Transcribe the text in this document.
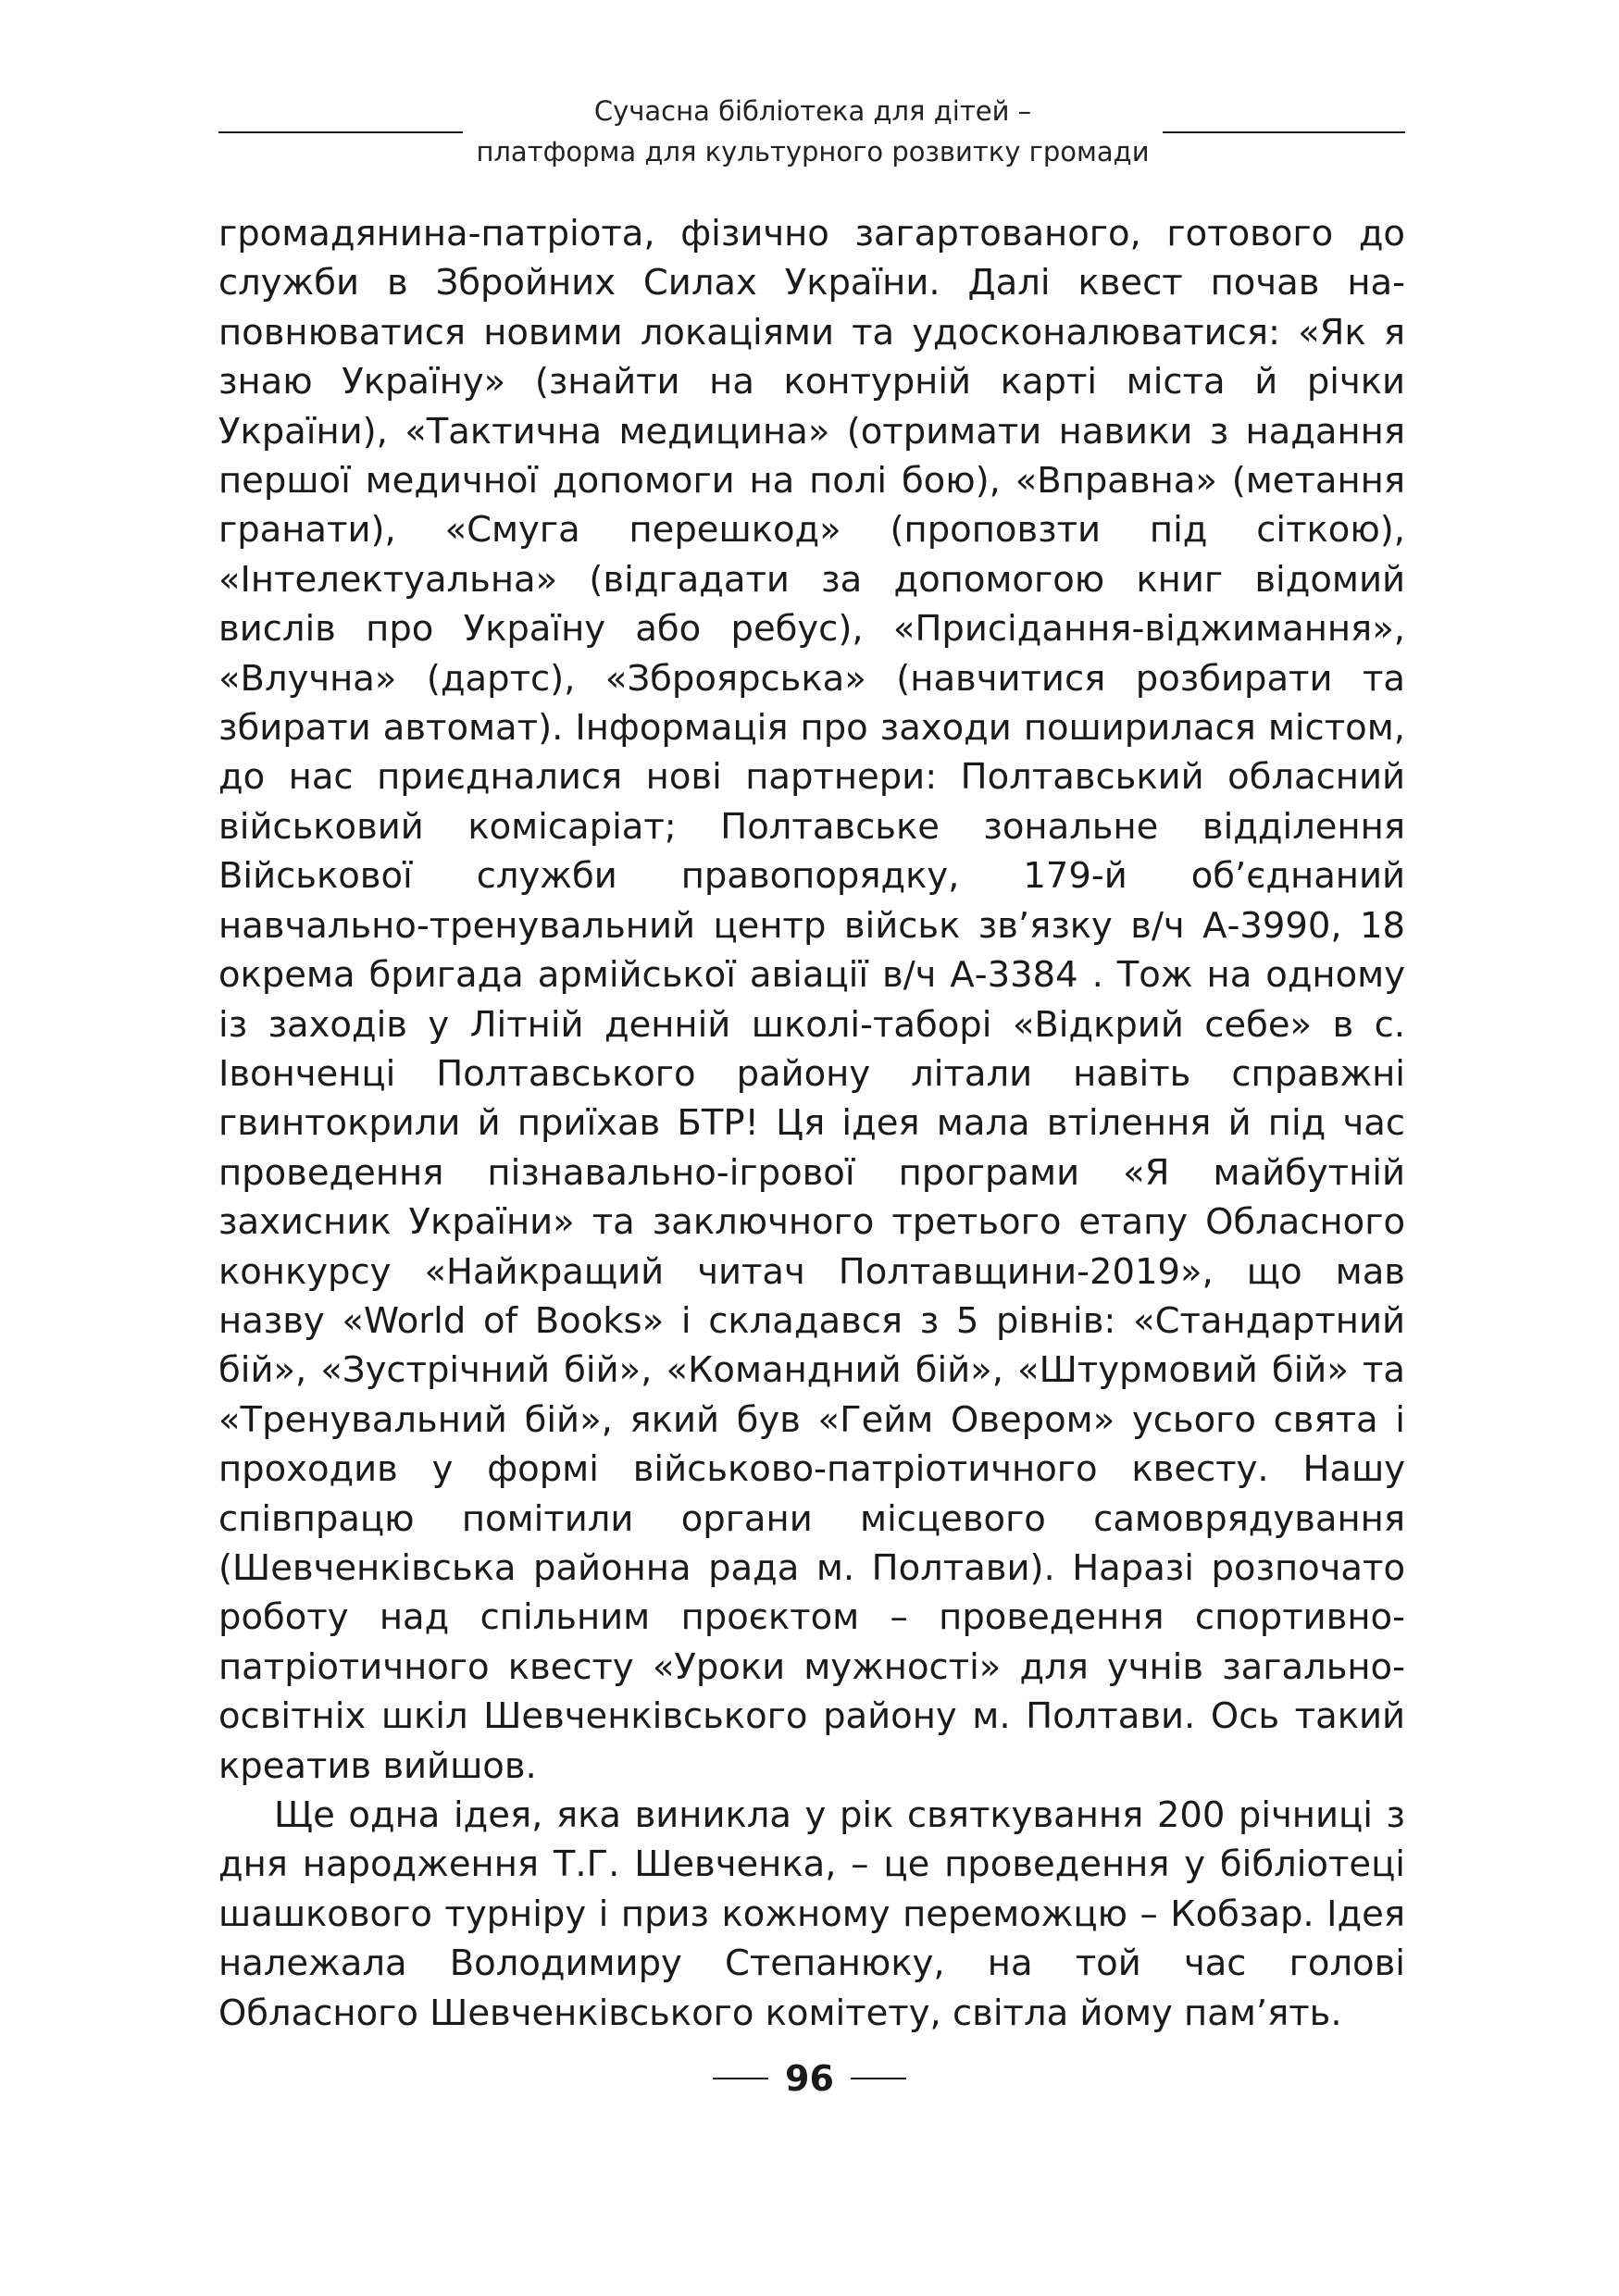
Сучасна бібліотека для дітей –
платформа для культурного розвитку громади

громадянина-патріота, фізично загартованого, готового до служби в Збройних Силах України. Далі квест почав наповнюватися новими локаціями та удосконалюватися: «Як я знаю Україну» (знайти на контурній карті міста й річки України), «Тактична медицина» (отримати навики з надання першої медичної допомоги на полі бою), «Вправна» (метання гранати), «Смуга перешкод» (проповзти під сіткою), «Інтелектуальна» (відгадати за допомогою книг відомий вислів про Україну або ребус), «Присідання-віджимання», «Влучна» (дартс), «Зброярська» (навчитися розбирати та збирати автомат). Інформація про заходи поширилася містом, до нас приєдналися нові партнери: Полтавський обласний військовий комісаріат; Полтавське зональне відділення Військової служби правопорядку, 179-й об’єднаний навчально-тренувальний центр військ зв’язку в/ч А-3990, 18 окрема бригада армійської авіації в/ч А-3384 . Тож на одному із заходів у Літній денній школі-таборі «Відкрий себе» в с. Івонченці Полтавського району літали навіть справжні гвинтокрили й приїхав БТР! Ця ідея мала втілення й під час проведення пізнавально-ігрової програми «Я майбутній захисник України» та заключного третього етапу Обласного конкурсу «Найкращий читач Полтавщини-2019», що мав назву «World of Books» і складався з 5 рівнів: «Стандартний бій», «Зустрічний бій», «Командний бій», «Штурмовий бій» та «Тренувальний бій», який був «Гейм Овером» усього свята і проходив у формі військово-патріотичного квесту. Нашу співпрацю помітили органи місцевого самоврядування (Шевченківська районна рада м. Полтави). Наразі розпочато роботу над спільним проєктом – проведення спортивно-патріотичного квесту «Уроки мужності» для учнів загально-освітніх шкіл Шевченківського району м. Полтави. Ось такий креатив вийшов.

Ще одна ідея, яка виникла у рік святкування 200 річниці з дня народження Т.Г. Шевченка, – це проведення у бібліотеці шашкового турніру і приз кожному переможцю – Кобзар. Ідея належала Володимиру Степанюку, на той час голові Обласного Шевченківського комітету, світла йому пам’ять.

96
